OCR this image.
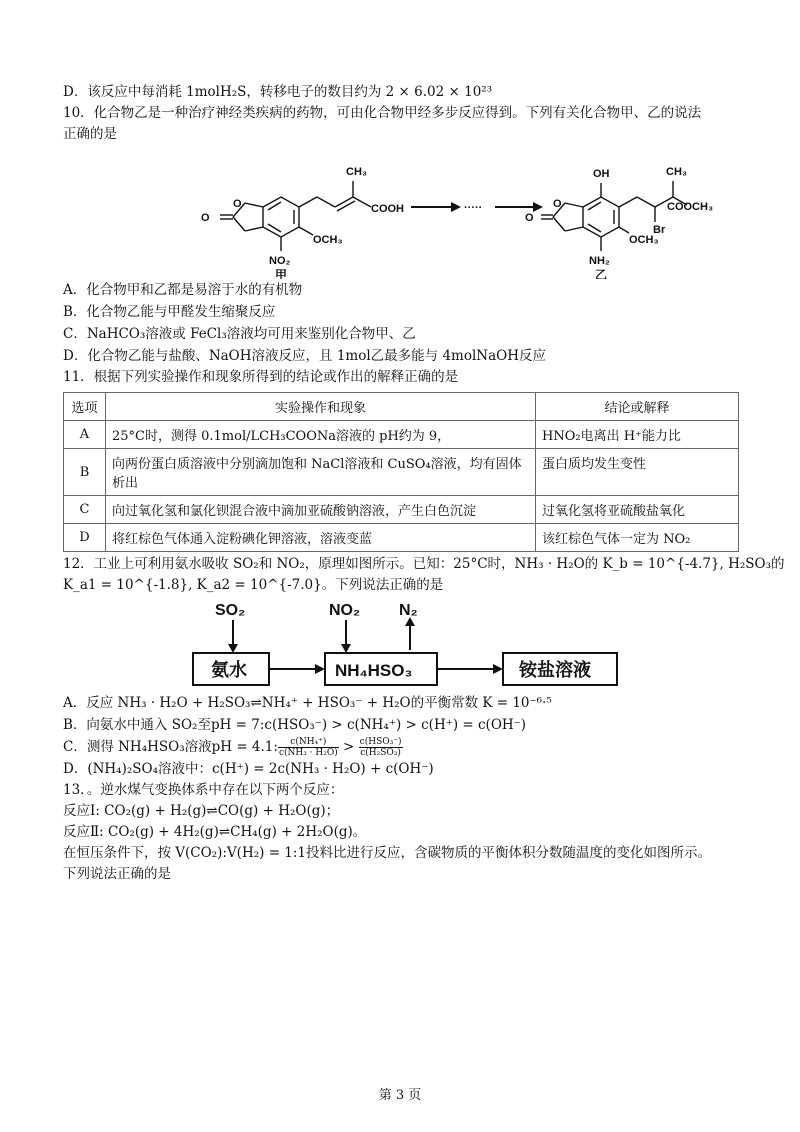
D．该反应中每消耗 1molH₂S，转移电子的数目约为 2 × 6.02 × 10²³

10．化合物乙是一种治疗神经类疾病的药物，可由化合物甲经多步反应得到。下列有关化合物甲、乙的说法

正确的是

O
O
CH₃
COOH
OCH₃
NO₂
甲
·····	O
O
OH	CH₃
COOCH₃
Br
OCH₃
NH₂
乙

A．化合物甲和乙都是易溶于水的有机物

B．化合物乙能与甲醛发生缩聚反应

C．NaHCO₃溶液或 FeCl₃溶液均可用来鉴别化合物甲、乙

D．化合物乙能与盐酸、NaOH溶液反应，且 1mol乙最多能与 4molNaOH反应

11．根据下列实验操作和现象所得到的结论或作出的解释正确的是

选项	实验操作和现象	结论或解释
A	25°C时，测得 0.1mol/LCH₃COONa溶液的 pH约为 9，	HNO₂电离出 H⁺能力比
B	向两份蛋白质溶液中分别滴加饱和 NaCl溶液和 CuSO₄溶液，均有固体析出	蛋白质均发生变性
C	向过氧化氢和氯化钡混合液中滴加亚硫酸钠溶液，产生白色沉淀	过氧化氢将亚硫酸盐氧化
D	将红棕色气体通入淀粉碘化钾溶液，溶液变蓝	该红棕色气体一定为 NO₂

12．工业上可利用氨水吸收 SO₂和 NO₂，原理如图所示。已知：25°C时，NH₃ · H₂O的 K_b = 10^{-4.7}, H₂SO₃的

K_a1 = 10^{-1.8}, K_a2 = 10^{-7.0}。下列说法正确的是

SO₂	NO₂ N₂
氨水	NH₄HSO₃	铵盐溶液

A．反应 NH₃ · H₂O + H₂SO₃⇌NH₄⁺ + HSO₃⁻ + H₂O的平衡常数 K = 10⁻⁶·⁵

B．向氨水中通入 SO₂至pH = 7:c(HSO₃⁻) > c(NH₄⁺) > c(H⁺) = c(OH⁻)

C．测得 NH₄HSO₃溶液pH = 4.1: $\frac{\text{c(NH₄⁺)}}{\text{c(NH₃ · H₂O)}} > \frac{\text{c(HSO₃⁻)}}{\text{c(H₂SO₃)}}$

D．(NH₄)₂SO₄溶液中：c(H⁺) = 2c(NH₃ · H₂O) + c(OH⁻)

13．。逆水煤气变换体系中存在以下两个反应：

反应Ⅰ: CO₂(g) + H₂(g)⇌CO(g) + H₂O(g)；

反应Ⅱ: CO₂(g) + 4H₂(g)⇌CH₄(g) + 2H₂O(g)。

在恒压条件下，按 V(CO₂):V(H₂) = 1:1投料比进行反应，含碳物质的平衡体积分数随温度的变化如图所示。

下列说法正确的是

第 3 页
